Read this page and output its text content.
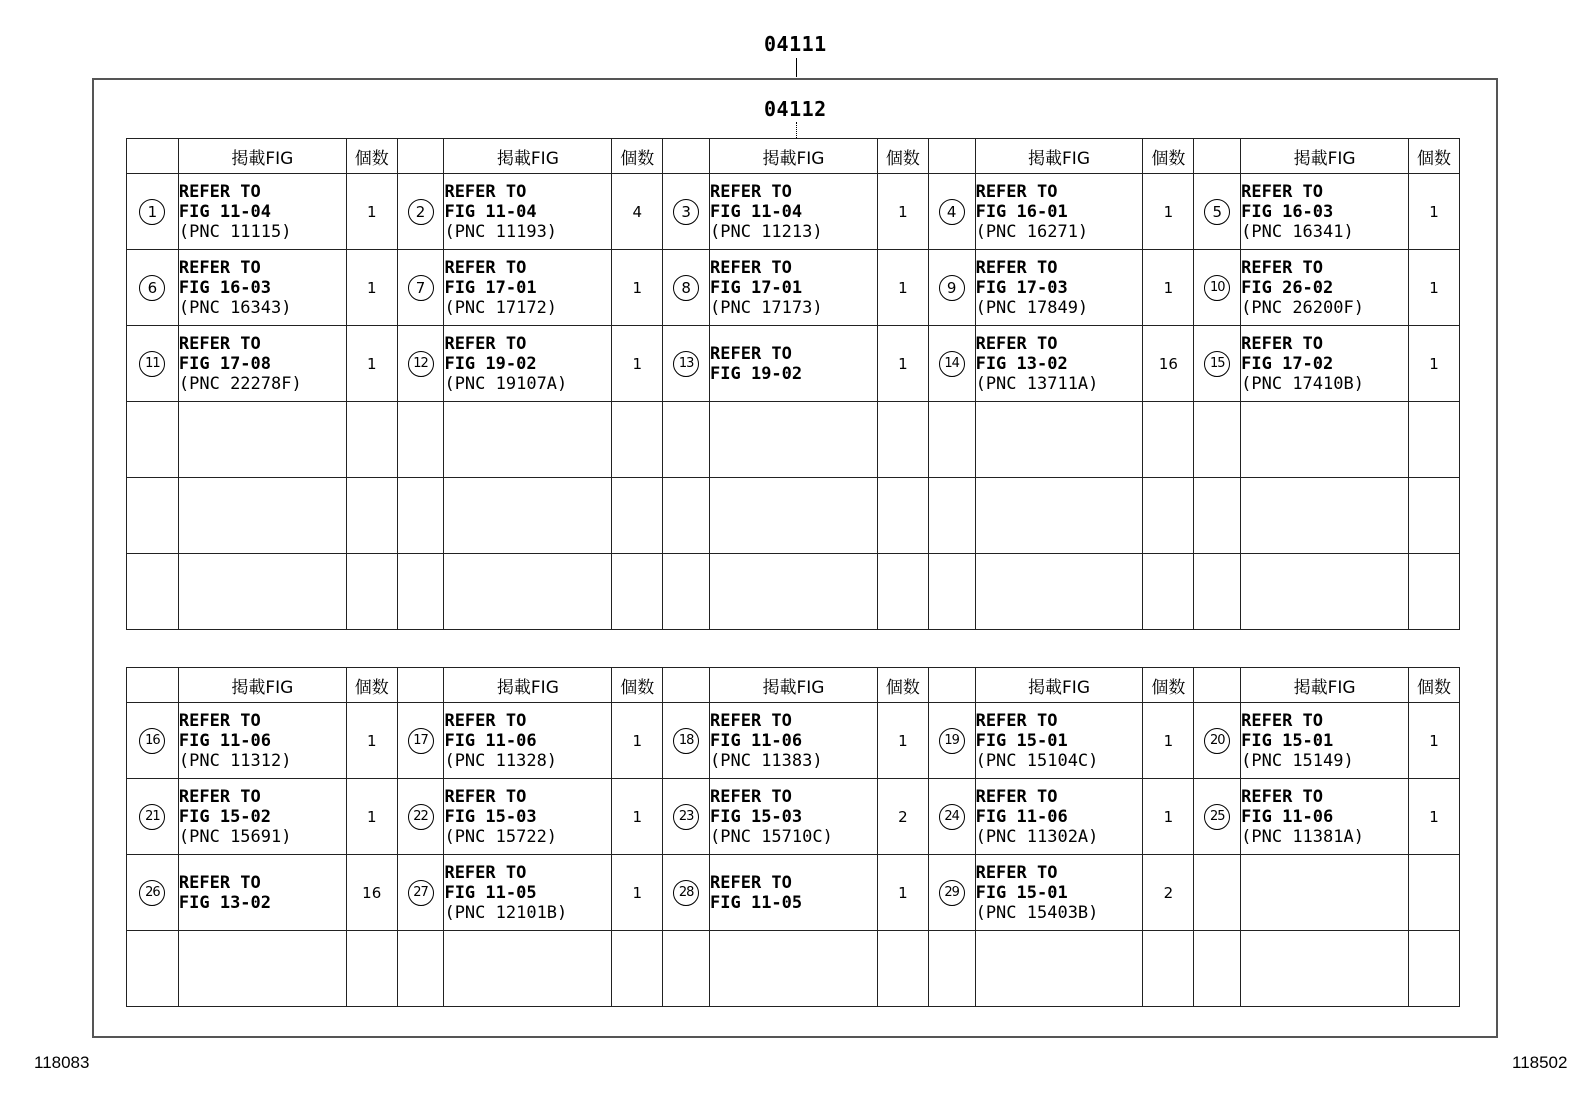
04111
04112
	掲載FIG	個数		掲載FIG	個数		掲載FIG	個数		掲載FIG	個数		掲載FIG	個数
1	REFER TO
FIG 11-04
(PNC 11115)	1	2	REFER TO
FIG 11-04
(PNC 11193)	4	3	REFER TO
FIG 11-04
(PNC 11213)	1	4	REFER TO
FIG 16-01
(PNC 16271)	1	5	REFER TO
FIG 16-03
(PNC 16341)	1
6	REFER TO
FIG 16-03
(PNC 16343)	1	7	REFER TO
FIG 17-01
(PNC 17172)	1	8	REFER TO
FIG 17-01
(PNC 17173)	1	9	REFER TO
FIG 17-03
(PNC 17849)	1	10	REFER TO
FIG 26-02
(PNC 26200F)	1
11	REFER TO
FIG 17-08
(PNC 22278F)	1	12	REFER TO
FIG 19-02
(PNC 19107A)	1	13	REFER TO
FIG 19-02	1	14	REFER TO
FIG 13-02
(PNC 13711A)	16	15	REFER TO
FIG 17-02
(PNC 17410B)	1

	掲載FIG	個数		掲載FIG	個数		掲載FIG	個数		掲載FIG	個数		掲載FIG	個数
16	REFER TO
FIG 11-06
(PNC 11312)	1	17	REFER TO
FIG 11-06
(PNC 11328)	1	18	REFER TO
FIG 11-06
(PNC 11383)	1	19	REFER TO
FIG 15-01
(PNC 15104C)	1	20	REFER TO
FIG 15-01
(PNC 15149)	1
21	REFER TO
FIG 15-02
(PNC 15691)	1	22	REFER TO
FIG 15-03
(PNC 15722)	1	23	REFER TO
FIG 15-03
(PNC 15710C)	2	24	REFER TO
FIG 11-06
(PNC 11302A)	1	25	REFER TO
FIG 11-06
(PNC 11381A)	1
26	REFER TO
FIG 13-02	16	27	REFER TO
FIG 11-05
(PNC 12101B)	1	28	REFER TO
FIG 11-05	1	29	REFER TO
FIG 15-01
(PNC 15403B)	2			

118083	118502
